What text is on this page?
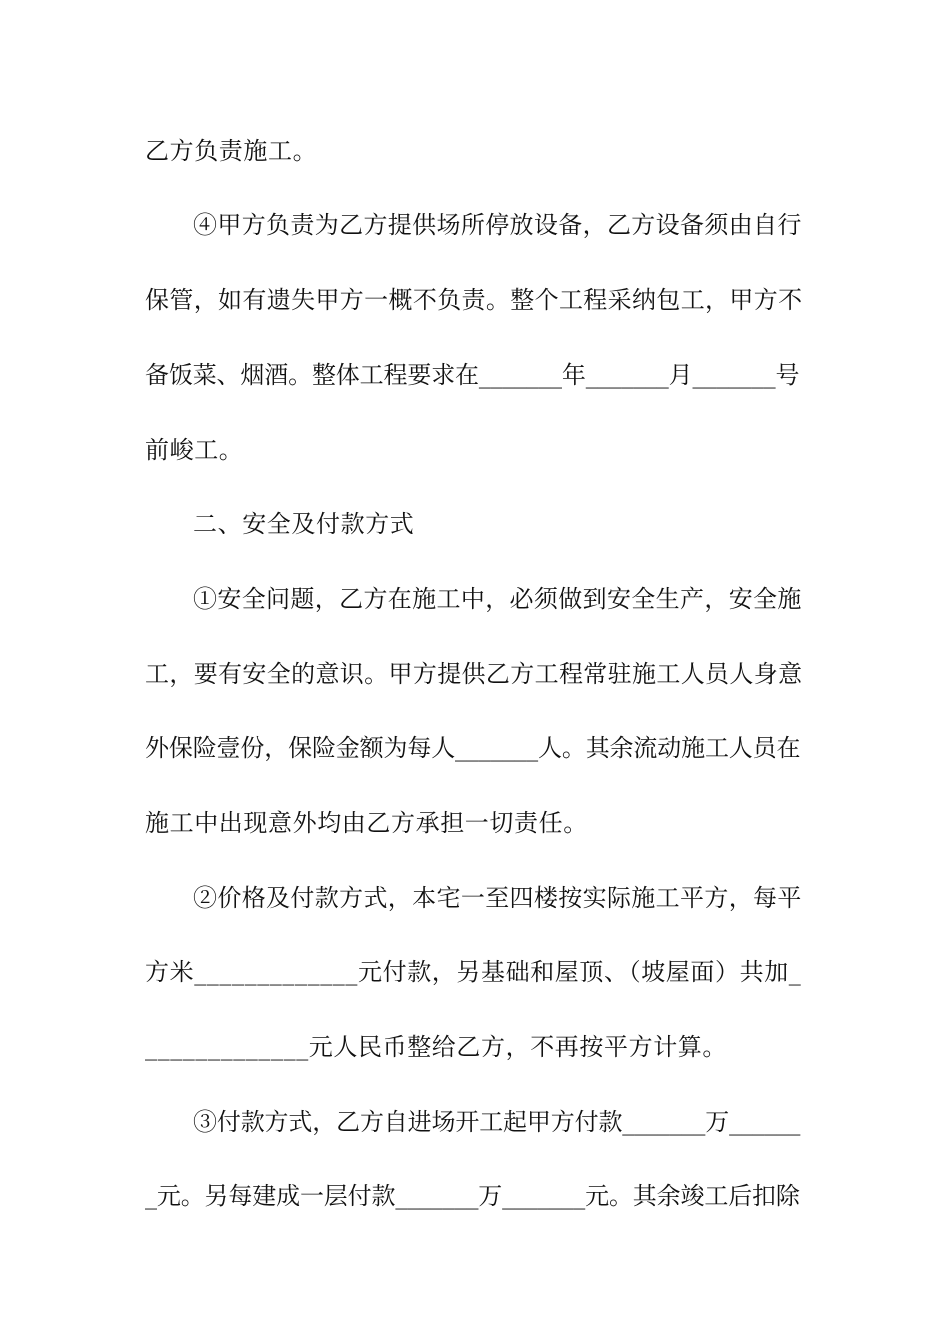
乙方负责施工。
④甲方负责为乙方提供场所停放设备，乙方设备须由自行
保管，如有遗失甲方一概不负责。整个工程采纳包工，甲方不
备饭菜、烟酒。整体工程要求在_______年_______月_______号
前峻工。
二、安全及付款方式
①安全问题，乙方在施工中，必须做到安全生产，安全施
工，要有安全的意识。甲方提供乙方工程常驻施工人员人身意
外保险壹份，保险金额为每人_______人。其余流动施工人员在
施工中出现意外均由乙方承担一切责任。
②价格及付款方式，本宅一至四楼按实际施工平方，每平
方米_____________元付款，另基础和屋顶、（坡屋面）共加_
_____________元人民币整给乙方，不再按平方计算。
③付款方式，乙方自进场开工起甲方付款_______万______
_元。另每建成一层付款_______万_______元。其余竣工后扣除
